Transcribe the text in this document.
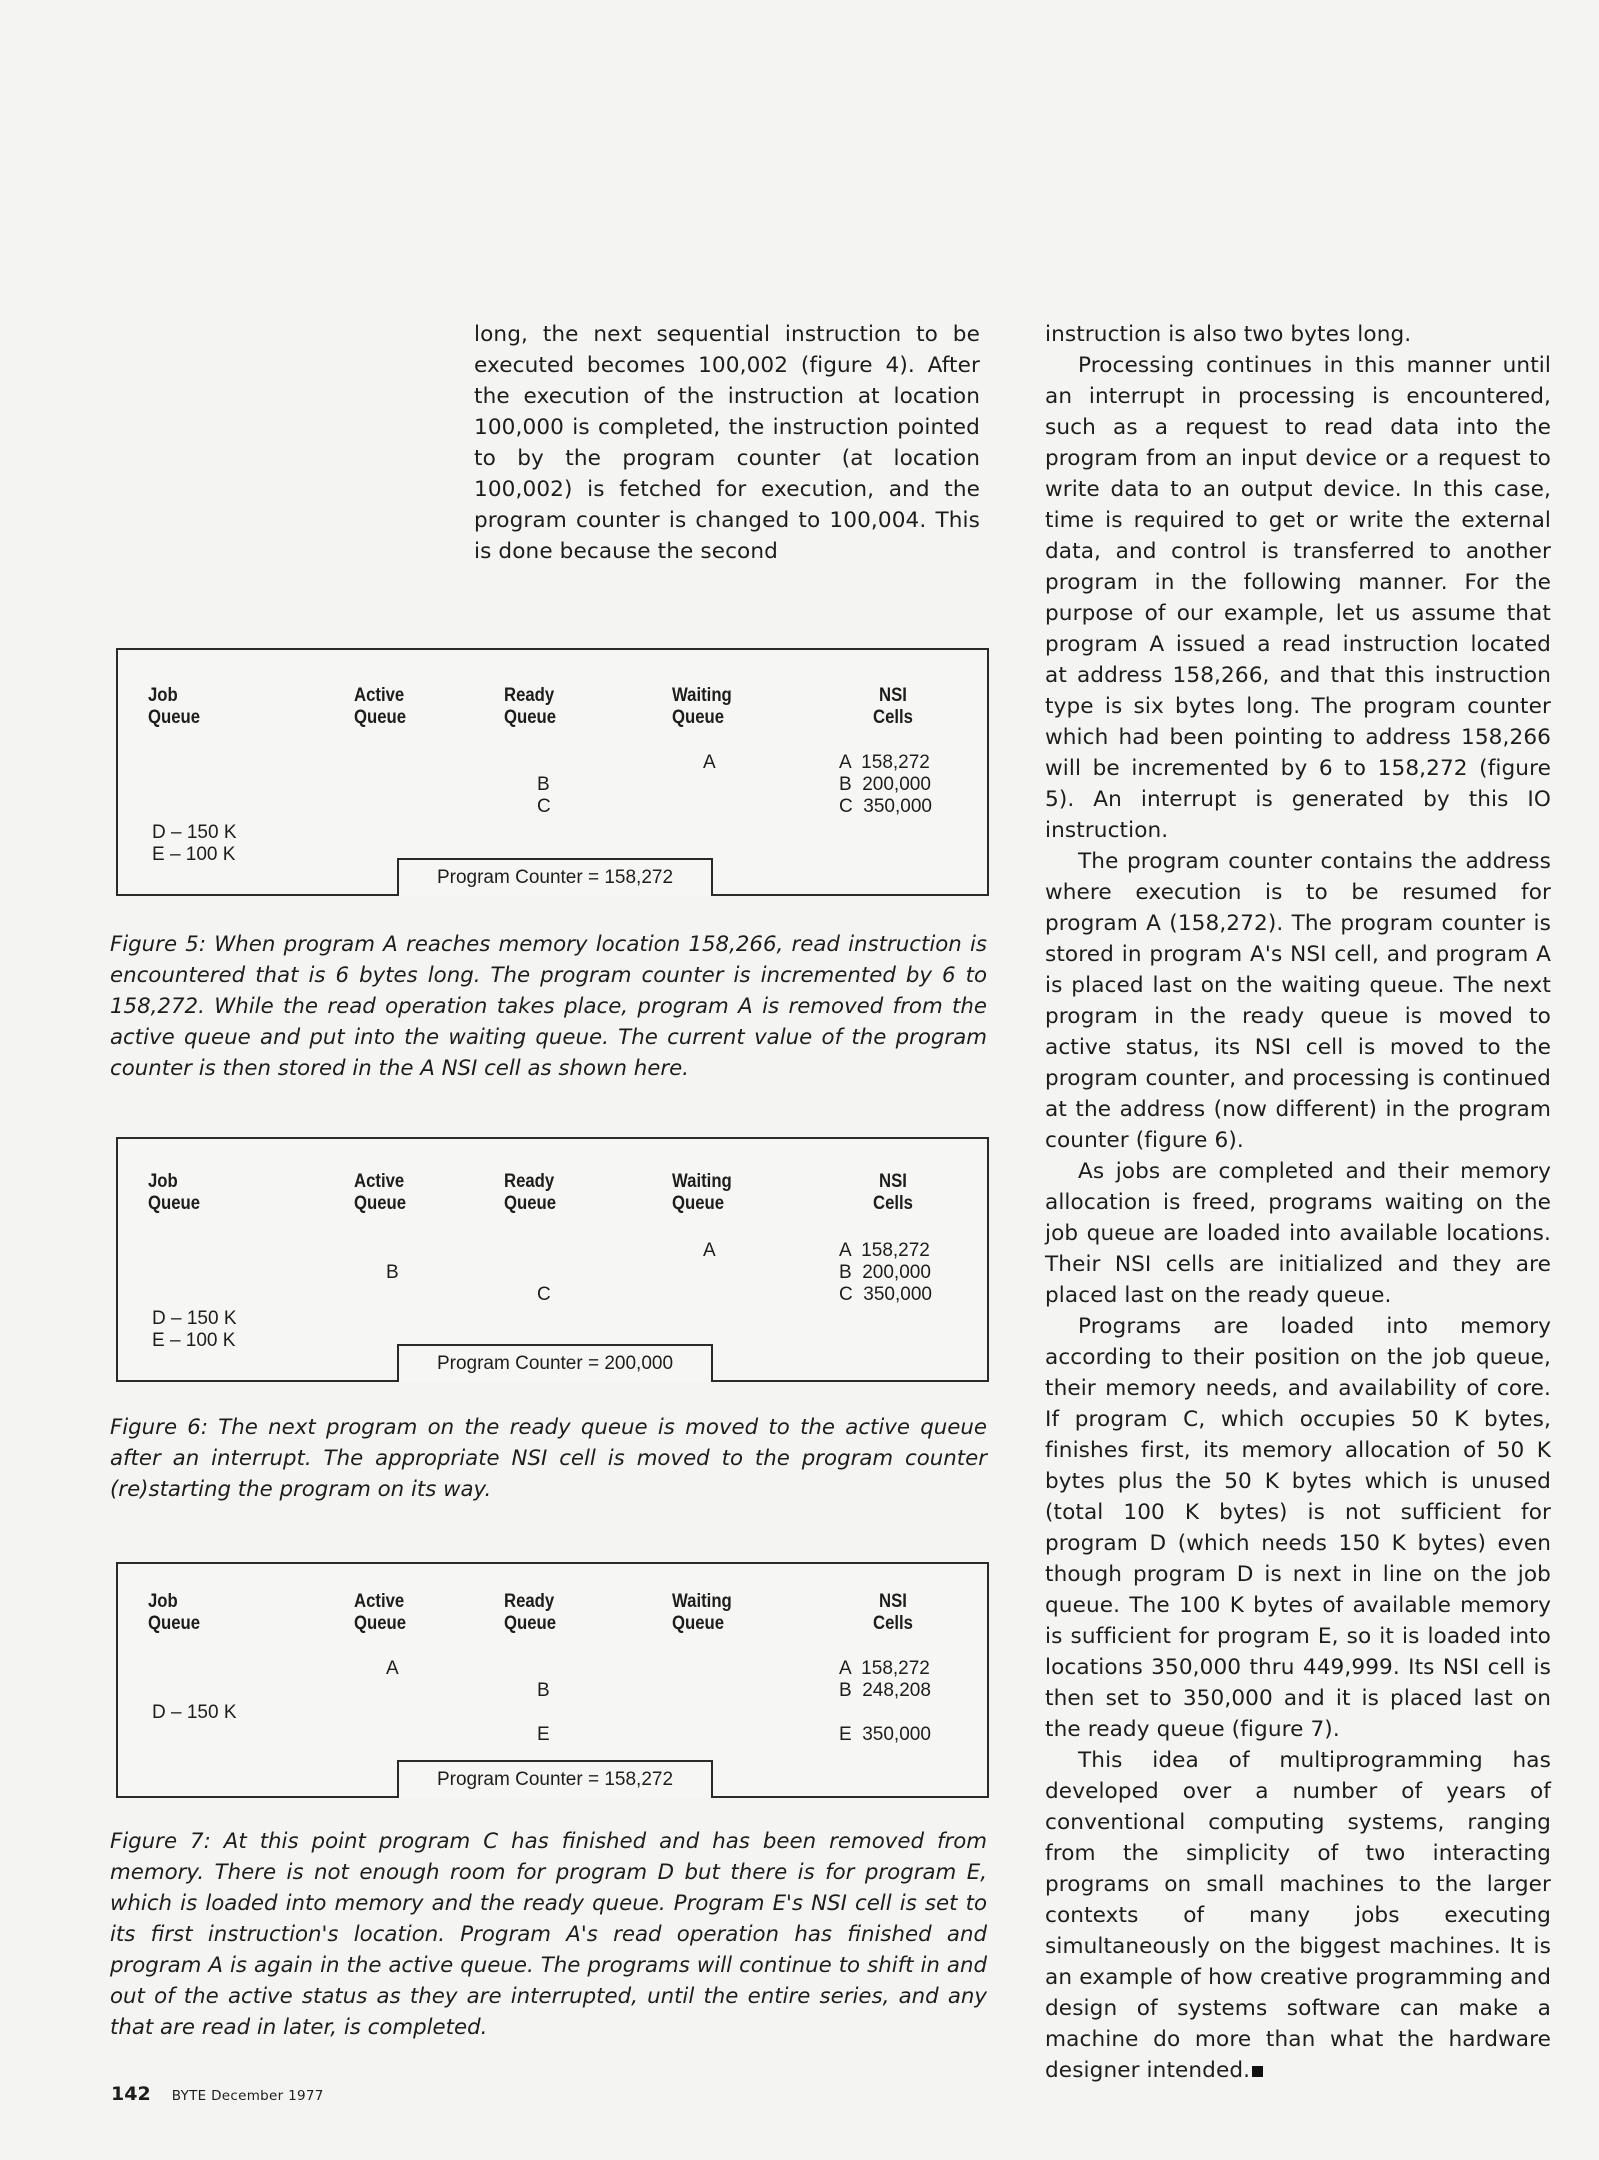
long, the next sequential instruction to be executed becomes 100,002 (figure 4). After the execution of the instruction at location 100,000 is completed, the instruction pointed to by the program counter (at location 100,002) is fetched for execution, and the program counter is changed to 100,004. This is done because the second

Job
Queue
Active
Queue
Ready
Queue
Waiting
Queue
NSI
Cells
A
B
C
D – 150 K
E – 100 K
A  158,272
B  200,000
C  350,000
Program Counter = 158,272
Figure 5: When program A reaches memory location 158,266, read instruction is encountered that is 6 bytes long. The program counter is incremented by 6 to 158,272. While the read operation takes place, program A is removed from the active queue and put into the waiting queue. The current value of the program counter is then stored in the A NSI cell as shown here.
Job
Queue
Active
Queue
Ready
Queue
Waiting
Queue
NSI
Cells
A
B
C
D – 150 K
E – 100 K
A  158,272
B  200,000
C  350,000
Program Counter = 200,000
Figure 6: The next program on the ready queue is moved to the active queue after an interrupt. The appropriate NSI cell is moved to the program counter (re)starting the program on its way.
Job
Queue
Active
Queue
Ready
Queue
Waiting
Queue
NSI
Cells
A
B
D – 150 K
E
A  158,272
B  248,208
E  350,000
Program Counter = 158,272
Figure 7: At this point program C has finished and has been removed from memory. There is not enough room for program D but there is for program E, which is loaded into memory and the ready queue. Program E's NSI cell is set to its first instruction's location. Program A's read operation has finished and program A is again in the active queue. The programs will continue to shift in and out of the active status as they are interrupted, until the entire series, and any that are read in later, is completed.

instruction is also two bytes long.

Processing continues in this manner until an interrupt in processing is encountered, such as a request to read data into the program from an input device or a request to write data to an output device. In this case, time is required to get or write the external data, and control is transferred to another program in the following manner. For the purpose of our example, let us assume that program A issued a read instruction located at address 158,266, and that this instruction type is six bytes long. The program counter which had been pointing to address 158,266 will be incremented by 6 to 158,272 (figure 5). An interrupt is generated by this IO instruction.

The program counter contains the address where execution is to be resumed for program A (158,272). The program counter is stored in program A's NSI cell, and program A is placed last on the waiting queue. The next program in the ready queue is moved to active status, its NSI cell is moved to the program counter, and processing is continued at the address (now different) in the program counter (figure 6).

As jobs are completed and their memory allocation is freed, programs waiting on the job queue are loaded into available locations. Their NSI cells are initialized and they are placed last on the ready queue.

Programs are loaded into memory according to their position on the job queue, their memory needs, and availability of core. If program C, which occupies 50 K bytes, finishes first, its memory allocation of 50 K bytes plus the 50 K bytes which is unused (total 100 K bytes) is not sufficient for program D (which needs 150 K bytes) even though program D is next in line on the job queue. The 100 K bytes of available memory is sufficient for program E, so it is loaded into locations 350,000 thru 449,999. Its NSI cell is then set to 350,000 and it is placed last on the ready queue (figure 7).

This idea of multiprogramming has developed over a number of years of conventional computing systems, ranging from the simplicity of two interacting programs on small machines to the larger contexts of many jobs executing simultaneously on the biggest machines. It is an example of how creative programming and design of systems software can make a machine do more than what the hardware designer intended.

142 BYTE December 1977
